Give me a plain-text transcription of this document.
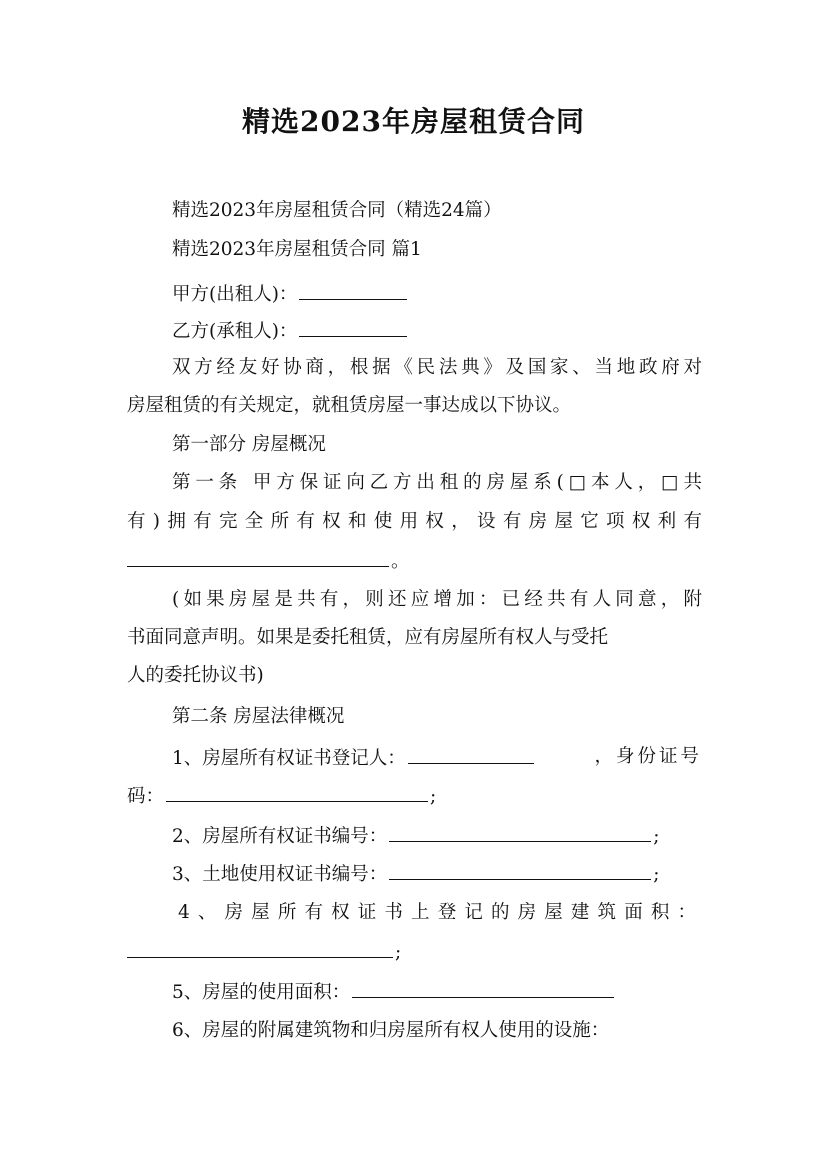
精选2023年房屋租赁合同
精选2023年房屋租赁合同（精选24篇）
精选2023年房屋租赁合同 篇1
甲方(出租人)：
乙方(承租人)：
双方经友好协商，根据《民法典》及国家、当地政府对
房屋租赁的有关规定，就租赁房屋一事达成以下协议。
第一部分 房屋概况
第一条 甲方保证向乙方出租的房屋系(□本人，□共
有)拥有完全所有权和使用权，设有房屋它项权利有
。
(如果房屋是共有，则还应增加：已经共有人同意，附
书面同意声明。如果是委托租赁，应有房屋所有权人与受托
人的委托协议书)
第二条 房屋法律概况
1、房屋所有权证书登记人：	，身份证号
码：	;
2、房屋所有权证书编号：	;
3、土地使用权证书编号：	;
4、房屋所有权证书上登记的房屋建筑面积：
;
5、房屋的使用面积：
6、房屋的附属建筑物和归房屋所有权人使用的设施：
